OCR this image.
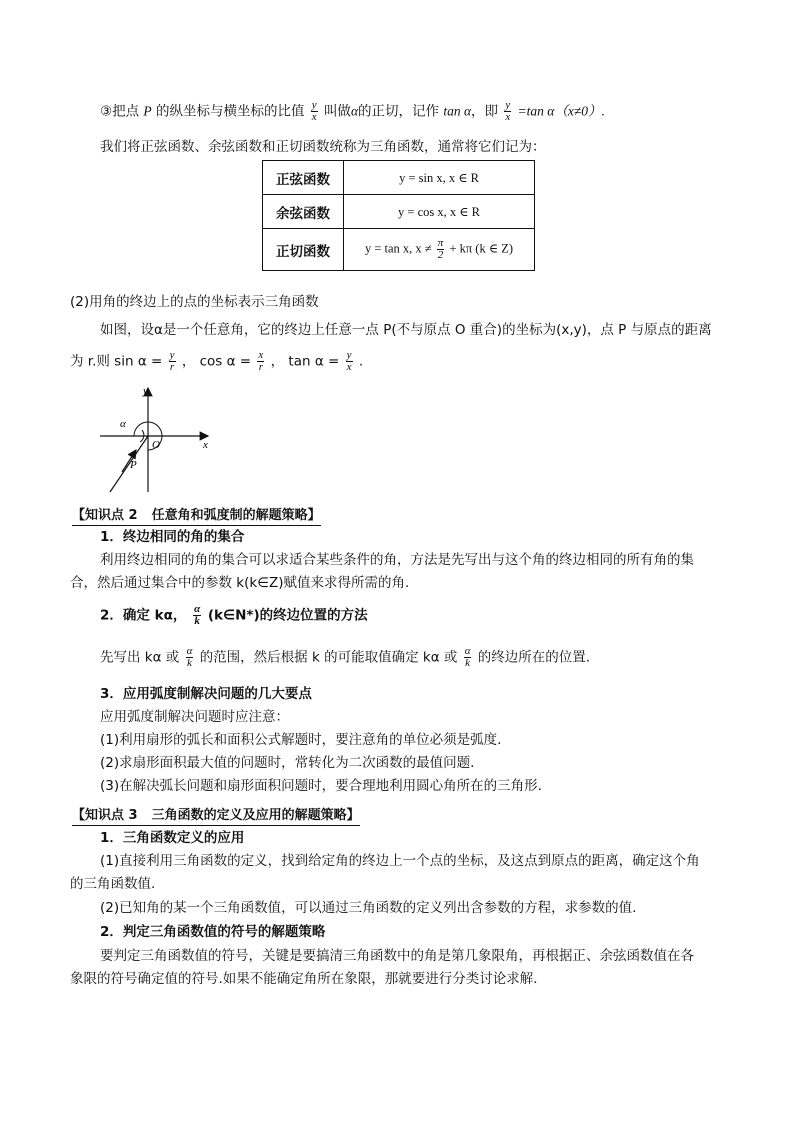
③把点 P 的纵坐标与横坐标的比值 $\frac{y}{x}$ 叫做α的正切，记作 tan α，即 $\frac{y}{x} =\tan$ α（x≠0）.
我们将正弦函数、余弦函数和正切函数统称为三角函数，通常将它们记为：
正弦函数	y = sin x, x ∈ R
余弦函数	y = cos x, x ∈ R
正切函数	y = tan x, $x \ne \frac{\pi}{2} + k\pi$ (k ∈ Z)
(2)用角的终边上的点的坐标表示三角函数
如图，设α是一个任意角，它的终边上任意一点 P(不与原点 O 重合)的坐标为(x,y)，点 P 与原点的距离
为 r.则 $\sin \alpha = \frac{y}{r}$ ， $\cos \alpha = \frac{x}{r}$ ， $\tan \alpha = \frac{y}{x}$ .
y
x
α
O
P
【知识点 2 任意角和弧度制的解题策略】
1．终边相同的角的集合
利用终边相同的角的集合可以求适合某些条件的角，方法是先写出与这个角的终边相同的所有角的集
合，然后通过集合中的参数 k(k∈Z)赋值来求得所需的角.
2．确定 kα， $\frac{\alpha}{k}$ (k∈N*)的终边位置的方法
先写出 kα 或 $\frac{\alpha}{k}$ 的范围，然后根据 k 的可能取值确定 kα 或 $\frac{\alpha}{k}$ 的终边所在的位置.
3．应用弧度制解决问题的几大要点
应用弧度制解决问题时应注意：
(1)利用扇形的弧长和面积公式解题时，要注意角的单位必须是弧度.
(2)求扇形面积最大值的问题时，常转化为二次函数的最值问题.
(3)在解决弧长问题和扇形面积问题时，要合理地利用圆心角所在的三角形.
【知识点 3 三角函数的定义及应用的解题策略】
1．三角函数定义的应用
(1)直接利用三角函数的定义，找到给定角的终边上一个点的坐标，及这点到原点的距离，确定这个角
的三角函数值.
(2)已知角的某一个三角函数值，可以通过三角函数的定义列出含参数的方程，求参数的值.
2．判定三角函数值的符号的解题策略
要判定三角函数值的符号，关键是要搞清三角函数中的角是第几象限角，再根据正、余弦函数值在各
象限的符号确定值的符号.如果不能确定角所在象限，那就要进行分类讨论求解.
